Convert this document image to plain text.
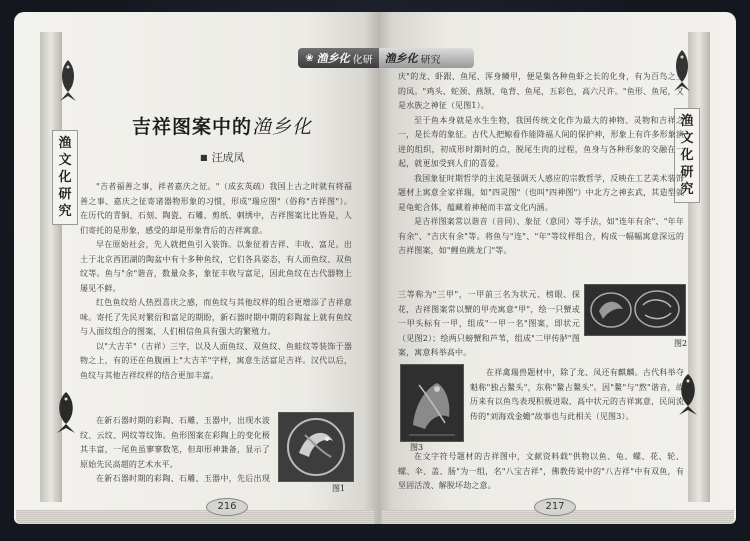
渔文化研究
吉祥图案中的渔乡化
■ 汪成凤

"吉者福善之事，祥者嘉庆之征。"（成玄英疏）我国上古之时就有将福善之事、嘉庆之征寄诸器物形象的习惯，形成"瑞应图"（俗称"吉祥图"）。在历代的青铜、石刻、陶瓷、石雕、剪纸、刺绣中，吉祥图案比比皆是，人们寄托的是形象，感受的却是形象背后的吉祥寓意。

早在原始社会，先人就把鱼引入装饰。以象征着吉祥、丰收、富足。出土于北京西团湖的陶盆中有十多种鱼纹，它们各具姿态，有人面鱼纹、双鱼纹等。鱼与"余"谐音，数量众多，象征丰收与富足，因此鱼纹在古代器物上屡见不鲜。

红色鱼纹给人热烈喜庆之感，而鱼纹与其他纹样的组合更增添了吉祥意味。寄托了先民对繁衍和富足的期盼，新石器时期中期的彩陶盆上就有鱼纹与人面纹组合的图案，人们相信鱼具有强大的繁殖力。

以"大吉羊"（吉祥）三字，以及人面鱼纹、双鱼纹、鱼蛙纹等装饰于器物之上，有的还在鱼腹画上"大吉羊"字样，寓意生活富足吉祥。汉代以后，鱼纹与其他吉祥纹样的结合更加丰富。

在新石器时期的彩陶、石雕、玉器中，出现水波纹、云纹、网纹等纹饰。鱼形图案在彩陶上的变化极其丰富，一尾鱼虽寥寥数笔，但却形神兼备，显示了原始先民高超的艺术水平。

在新石器时期的彩陶、石雕、玉器中，先后出现

图1
216
渔文化研究

庆"的龙、虾跟、鱼尾、浑身鳞甲，便是集各种鱼虾之长的化身，有为百鸟之王的凤。"鸡头、蛇颈、燕颔、龟背、鱼尾，五彩色，高六尺许。"鱼形、鱼尾，又是水族之神征（见图1）。

至于鱼本身就是水生生物，我国传统文化作为最大的神物、灵物和吉祥之一，是长寿的象征。古代人把鲸看作能降福人间的保护神，形象上有许多形象演进的组织，初成形时期时的点，脱尾生肉的过程，鱼身与各种形象的交融在一起，就更加受到人们的喜爱。

我国象征时期哲学的主流是强调天人感应的宗教哲学，反映在工艺美术装饰题材上寓意全家祥瑞，如"四灵图"（也叫"四神图"）中北方之神玄武，其造型就是龟蛇合体，蕴藏着神秘而丰富文化内涵。

是吉祥图案常以谐音（音同）、象征（意同）等手法，如"连年有余"、"年年有余"、"吉庆有余"等。将鱼与"连"、"年"等纹样组合，构成一幅幅寓意深远的吉祥图案，如"鲤鱼跳龙门"等。

三等称为"三甲"，一甲前三名为状元、榜眼、探花，吉祥图案常以蟹的甲壳寓意"甲"，绘一只蟹或一甲头标有一甲，组成"一甲一名"图案，即状元（见图2）；绘两只螃蟹和芦苇，组成"二甲传胪"图案，寓意科举高中。

图2
图3

在祥禽瑞兽题材中，除了龙、凤还有麒麟。古代科举夺魁称"独占鳌头"，东称"鳌占鳌头"。因"鳌"与"熬"谐音，故历来有以鱼鸟表现积极进取、高中状元的吉祥寓意，民间流传的"刘海戏金蟾"故事也与此相关（见图3）。

在文字符号题材的吉祥图中，文献资料载"供物以鱼、龟、螺、花、轮、螺、伞、盖、肠"为一组，名"八宝吉祥"，佛教传说中的"八吉祥"中有双鱼，有坚固活泼、解脱坏劫之意。

217
❀ 渔乡化 化研 渔乡化 研究
